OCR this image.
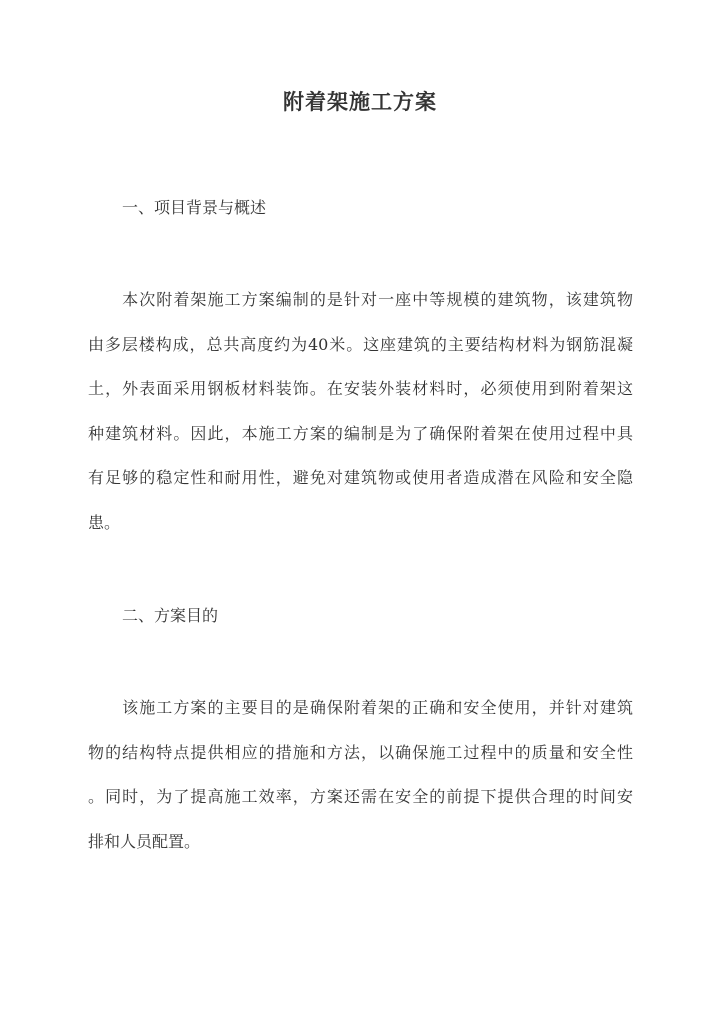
附着架施工方案
一、项目背景与概述
　　本次附着架施工方案编制的是针对一座中等规模的建筑物，该建筑物
由多层楼构成，总共高度约为40米。这座建筑的主要结构材料为钢筋混凝
土，外表面采用钢板材料装饰。在安装外装材料时，必须使用到附着架这
种建筑材料。因此，本施工方案的编制是为了确保附着架在使用过程中具
有足够的稳定性和耐用性，避免对建筑物或使用者造成潜在风险和安全隐
患。
二、方案目的
　　该施工方案的主要目的是确保附着架的正确和安全使用，并针对建筑
物的结构特点提供相应的措施和方法，以确保施工过程中的质量和安全性
。同时，为了提高施工效率，方案还需在安全的前提下提供合理的时间安
排和人员配置。
